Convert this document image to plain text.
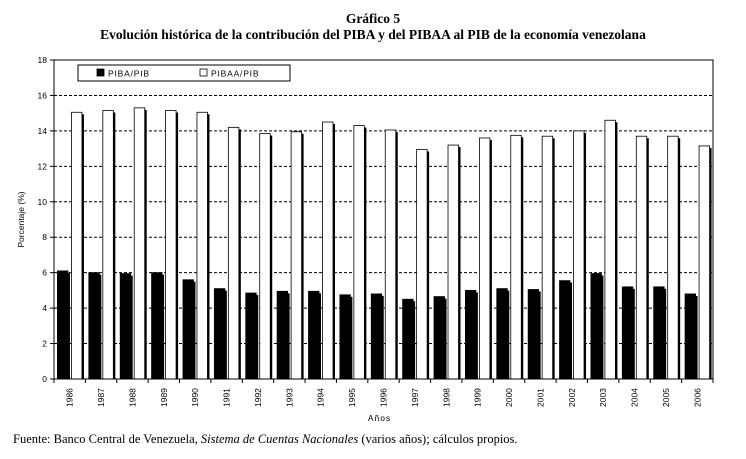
Gráfico 5
Evolución histórica de la contribución del PIBA y del PIBAA al PIB de la economía venezolana
0
2
4
6
8
10
12
14
16
18
1986	1987	1988	1989	1990	1991	1992	1993	1994	1995	1996	1997	1998	1999	2000	2001	2002	2003	2004	2005	2006
PIBA/PIB	PIBAA/PIB
Porcentaje (%)
Años
Fuente: Banco Central de Venezuela, Sistema de Cuentas Nacionales (varios años); cálculos propios.
